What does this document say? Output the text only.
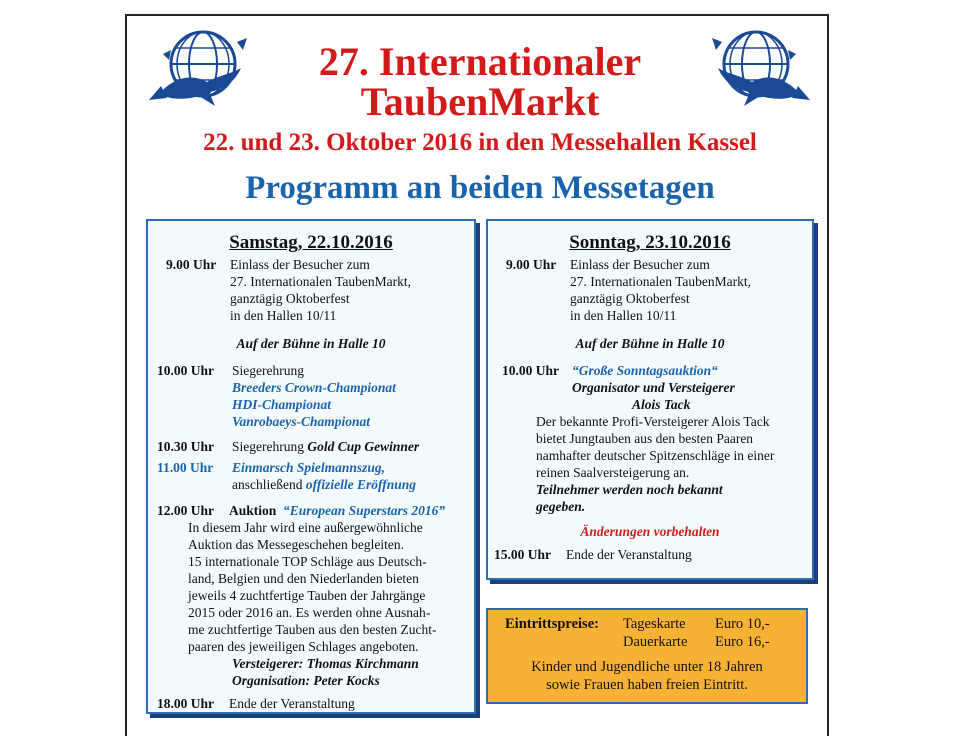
27. Internationaler
TaubenMarkt
22. und 23. Oktober 2016 in den Messehallen Kassel
Programm an beiden Messetagen
Samstag, 22.10.2016
9.00 Uhr	Einlass der Besucher zum
27. Internationalen TaubenMarkt,
ganztägig Oktoberfest
in den Hallen 10/11
Auf der Bühne in Halle 10
10.00 Uhr	Siegerehrung
Breeders Crown-Championat
HDI-Championat
Vanrobaeys-Championat
10.30 Uhr	Siegerehrung
Gold Cup Gewinner
11.00 Uhr	Einmarsch Spielmannszug,
anschließend
offizielle Eröffnung
12.00 Uhr	Auktion
“European Superstars 2016”
In diesem Jahr wird eine außergewöhnliche
Auktion das Messegeschehen begleiten.
15 internationale TOP Schläge aus Deutsch-
land, Belgien und den Niederlanden bieten
jeweils 4 zuchtfertige Tauben der Jahrgänge
2015 oder 2016 an. Es werden ohne Ausnah-
me zuchtfertige Tauben aus den besten Zucht-
paaren des jeweiligen Schlages angeboten.
Versteigerer: Thomas Kirchmann
Organisation: Peter Kocks
18.00 Uhr	Ende der Veranstaltung
Sonntag, 23.10.2016
9.00 Uhr	Einlass der Besucher zum
27. Internationalen TaubenMarkt,
ganztägig Oktoberfest
in den Hallen 10/11
Auf der Bühne in Halle 10
10.00 Uhr “Große Sonntagsauktion“
Organisator und Versteigerer
Alois Tack
Der bekannte Profi-Versteigerer Alois Tack
bietet Jungtauben aus den besten Paaren
namhafter deutscher Spitzenschläge in einer
reinen Saalversteigerung an.
Teilnehmer werden noch bekannt
gegeben.
Änderungen vorbehalten
15.00 Uhr	Ende der Veranstaltung
Eintrittspreise:	Tageskarte	Euro 10,-
Dauerkarte	Euro 16,-
Kinder und Jugendliche unter 18 Jahren
sowie Frauen haben freien Eintritt.
